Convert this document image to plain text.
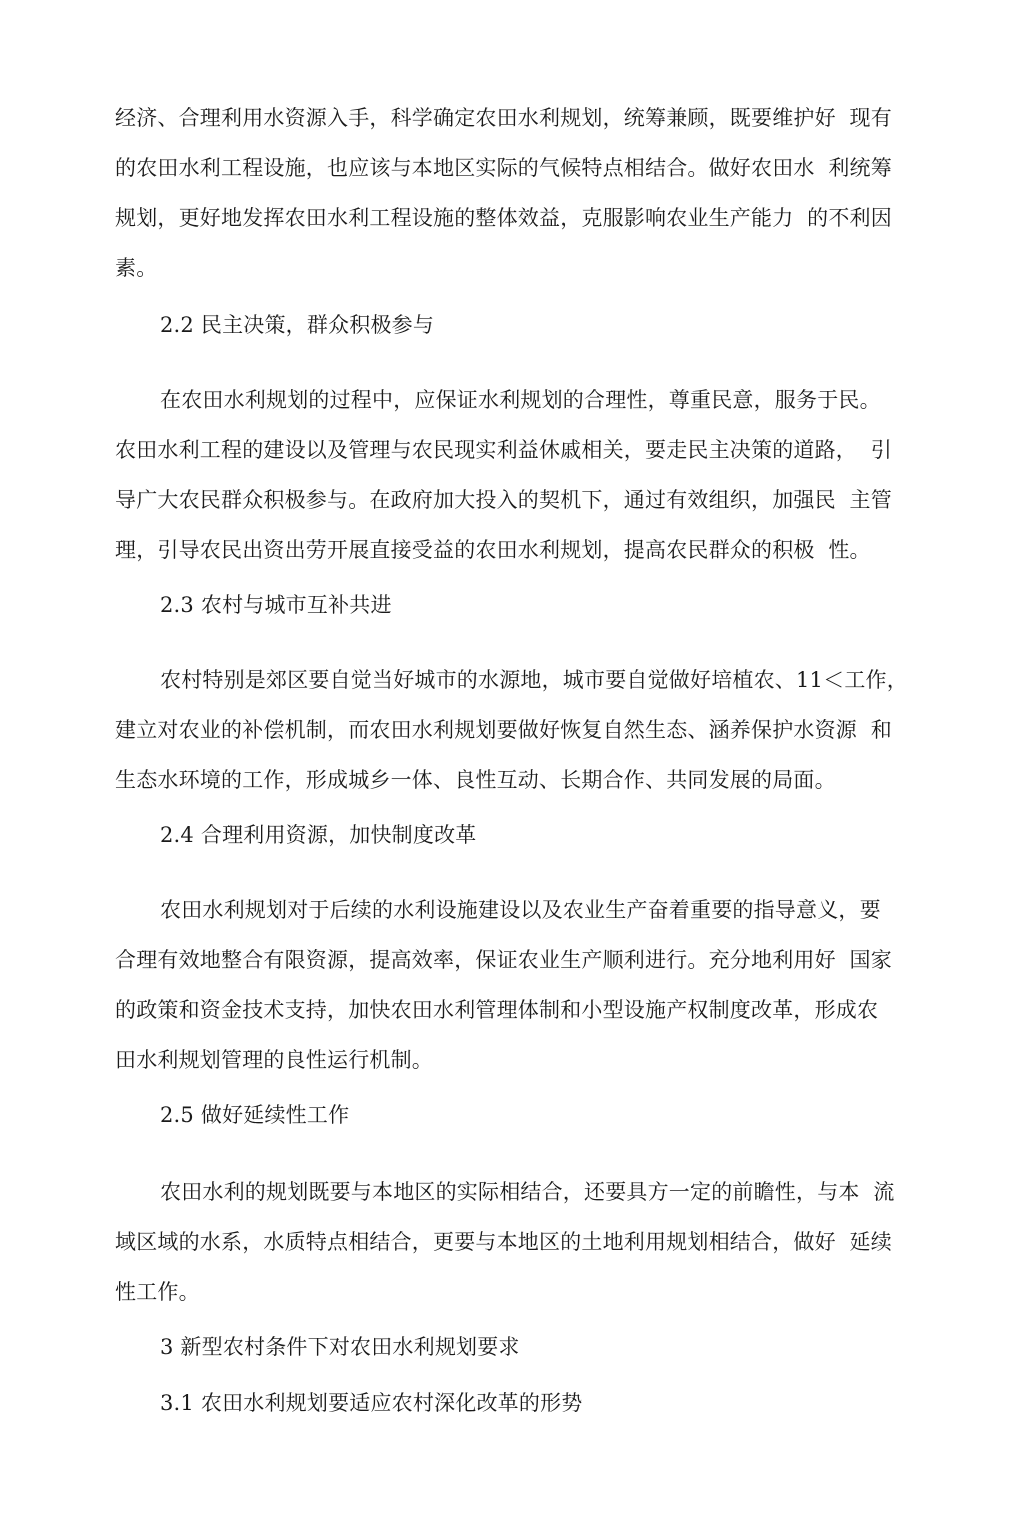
经济、合理利用水资源入手，科学确定农田水利规划，统筹兼顾，既要维护好  现有
的农田水利工程设施，也应该与本地区实际的气候特点相结合。做好农田水  利统筹
规划，更好地发挥农田水利工程设施的整体效益，克服影响农业生产能力  的不利因
素。
2.2 民主决策，群众积极参与
在农田水利规划的过程中，应保证水利规划的合理性，尊重民意，服务于民。
农田水利工程的建设以及管理与农民现实利益休戚相关，要走民主决策的道路，  引
导广大农民群众积极参与。在政府加大投入的契机下，通过有效组织，加强民  主管
理，引导农民出资出劳开展直接受益的农田水利规划，提高农民群众的积极  性。
2.3 农村与城市互补共进
农村特别是郊区要自觉当好城市的水源地，城市要自觉做好培植农、11＜工作，
建立对农业的补偿机制，而农田水利规划要做好恢复自然生态、涵养保护水资源  和
生态水环境的工作，形成城乡一体、良性互动、长期合作、共同发展的局面。
2.4 合理利用资源，加快制度改革
农田水利规划对于后续的水利设施建设以及农业生产奋着重要的指导意义，要
合理有效地整合有限资源，提高效率，保证农业生产顺利进行。充分地利用好  国家
的政策和资金技术支持，加快农田水利管理体制和小型设施产权制度改革，形成农
田水利规划管理的良性运行机制。
2.5 做好延续性工作
农田水利的规划既要与本地区的实际相结合，还要具方一定的前瞻性，与本  流
域区域的水系，水质特点相结合，更要与本地区的土地利用规划相结合，做好  延续
性工作。
3 新型农村条件下对农田水利规划要求
3.1 农田水利规划要适应农村深化改革的形势
